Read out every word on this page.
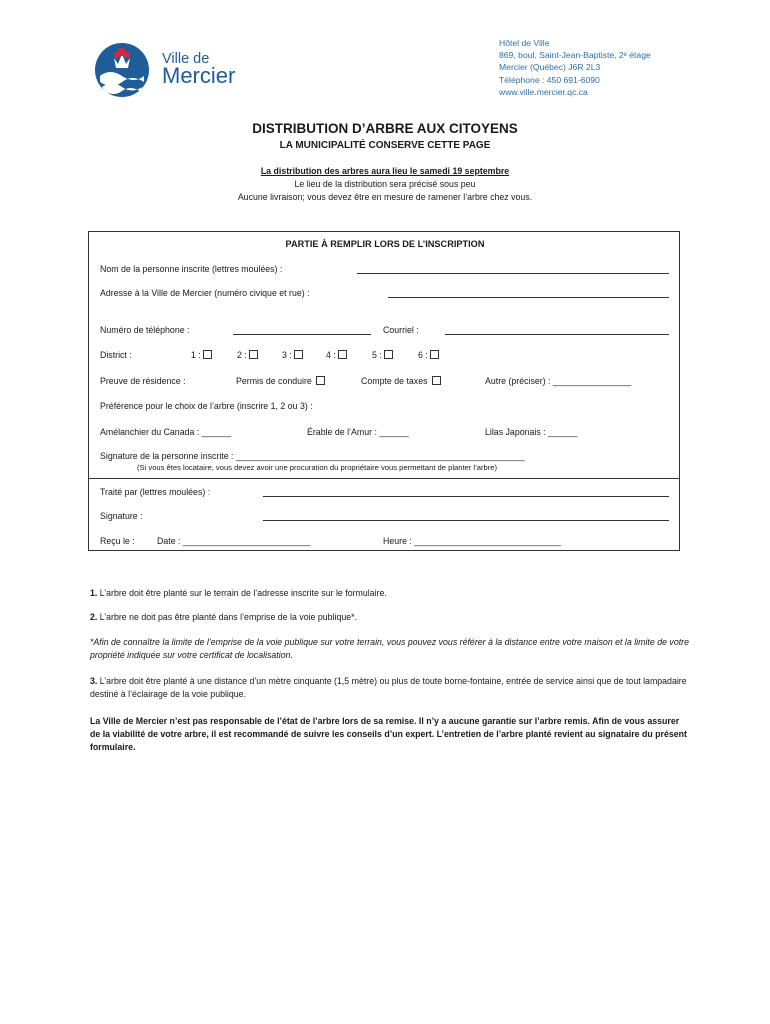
Ville de
Mercier
Hôtel de Ville
869, boul. Saint-Jean-Baptiste, 2ᵉ étage
Mercier (Québec) J6R 2L3
Téléphone : 450 691-6090
www.ville.mercier.qc.ca
DISTRIBUTION D’ARBRE AUX CITOYENS
LA MUNICIPALITÉ CONSERVE CETTE PAGE
La distribution des arbres aura lieu le samedi 19 septembre
Le lieu de la distribution sera précisé sous peu
Aucune livraison; vous devez être en mesure de ramener l’arbre chez vous.
PARTIE À REMPLIR LORS DE L’INSCRIPTION
Nom de la personne inscrite (lettres moulées) :
Adresse à la Ville de Mercier (numéro civique et rue) :
Numéro de téléphone :	Courriel :
District :	1 :	2 :	3 :	4 :	5 :	6 :
Preuve de résidence :	Permis de conduire	Compte de taxes	Autre (préciser) : ________________
Préférence pour le choix de l’arbre (inscrire 1, 2 ou 3) :
Amélanchier du Canada : ______	Érable de l’Amur : ______	Lilas Japonais : ______
Signature de la personne inscrite : ___________________________________________________________
(Si vous êtes locataire, vous devez avoir une procuration du propriétaire vous permettant de planter l’arbre)
Traité par (lettres moulées) :
Signature :
Reçu le :	Date : __________________________	Heure : ______________________________
1. L’arbre doit être planté sur le terrain de l’adresse inscrite sur le formulaire.
2. L’arbre ne doit pas être planté dans l’emprise de la voie publique*.
*Afin de connaître la limite de l’emprise de la voie publique sur votre terrain, vous pouvez vous référer à la distance entre votre maison et la limite de votre propriété indiquée sur votre certificat de localisation.
3. L’arbre doit être planté à une distance d’un mètre cinquante (1,5 mètre) ou plus de toute borne-fontaine, entrée de service ainsi que de tout lampadaire destiné à l’éclairage de la voie publique.
La Ville de Mercier n’est pas responsable de l’état de l’arbre lors de sa remise. Il n’y a aucune garantie sur l’arbre remis. Afin de vous assurer de la viabilité de votre arbre, il est recommandé de suivre les conseils d’un expert. L’entretien de l’arbre planté revient au signataire du présent formulaire.
